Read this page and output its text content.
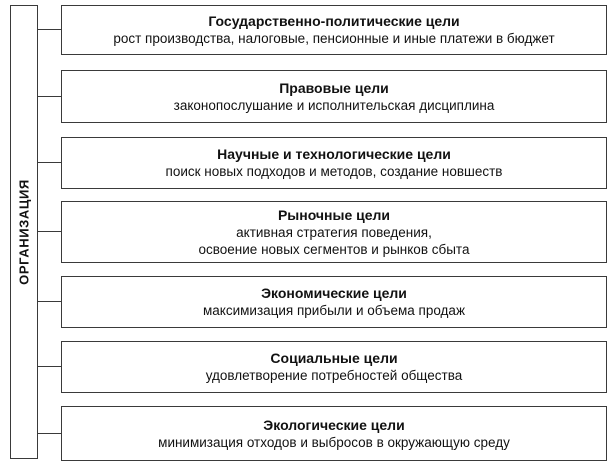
ОРГАНИЗАЦИЯ
Государственно-политические цели
рост производства, налоговые, пенсионные и иные платежи в бюджет
Правовые цели
законопослушание и исполнительская дисциплина
Научные и технологические цели
поиск новых подходов и методов, создание новшеств
Рыночные цели
активная стратегия поведения,
освоение новых сегментов и рынков сбыта
Экономические цели
максимизация прибыли и объема продаж
Социальные цели
удовлетворение потребностей общества
Экологические цели
минимизация отходов и выбросов в окружающую среду
